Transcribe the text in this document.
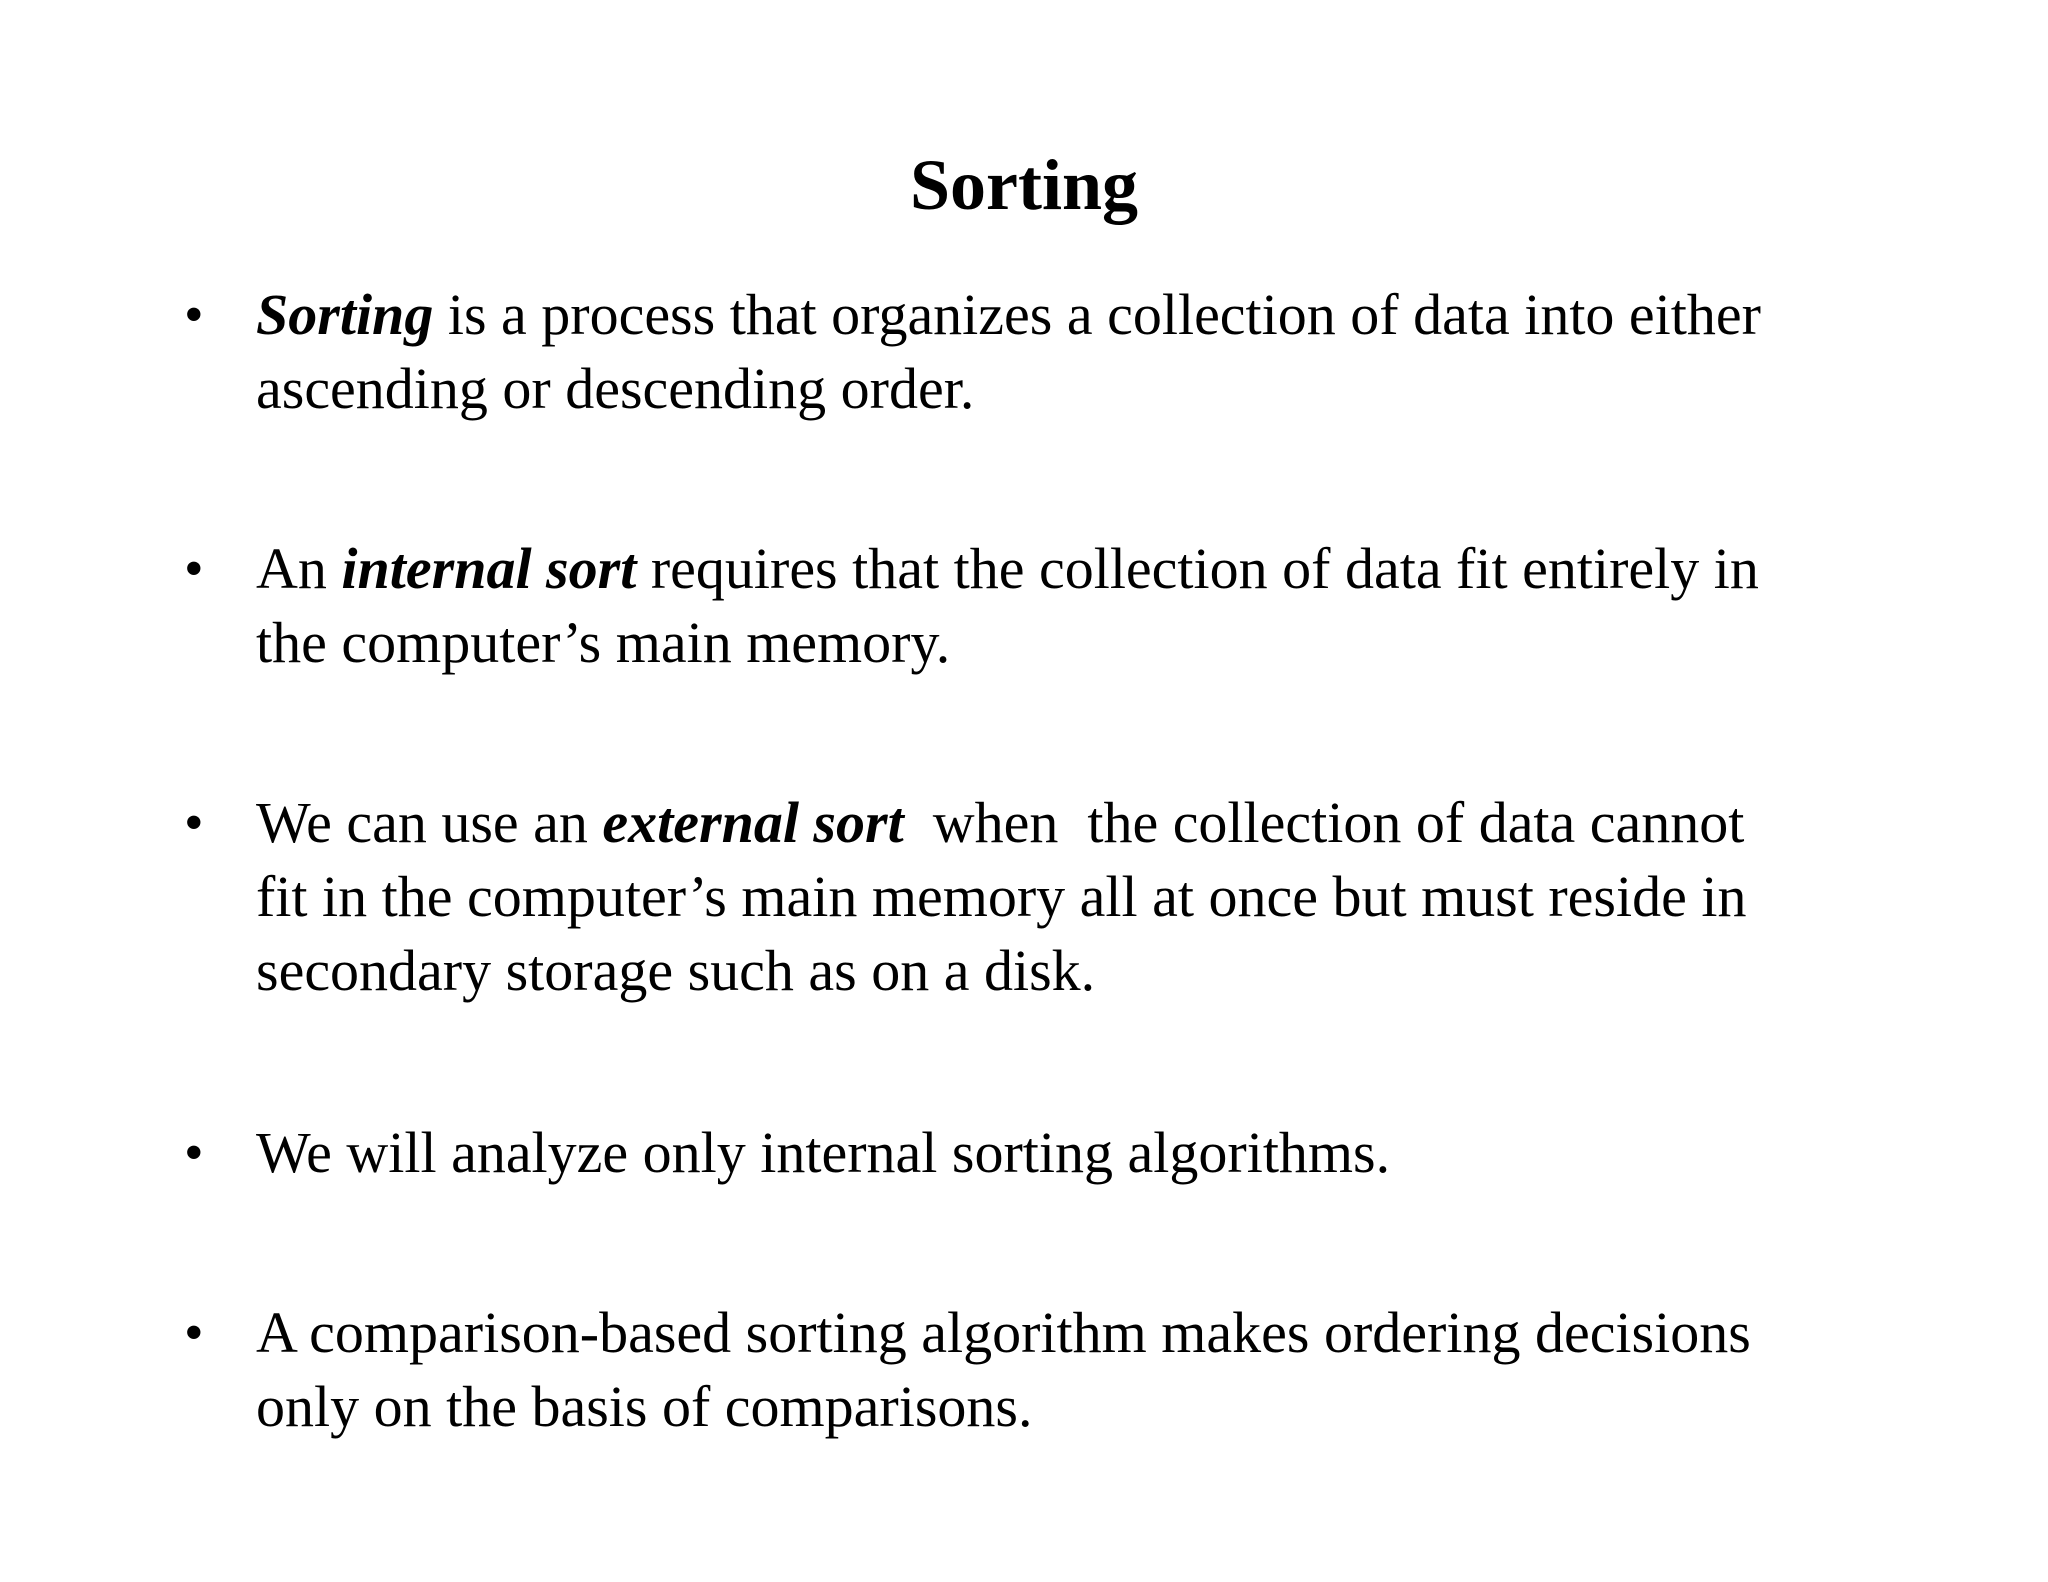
Sorting
• Sorting is a process that organizes a collection of data into either
ascending or descending order.
• An internal sort requires that the collection of data fit entirely in
the computer’s main memory.
• We can use an external sort  when  the collection of data cannot
fit in the computer’s main memory all at once but must reside in
secondary storage such as on a disk.
• We will analyze only internal sorting algorithms.
• A comparison-based sorting algorithm makes ordering decisions
only on the basis of comparisons.
